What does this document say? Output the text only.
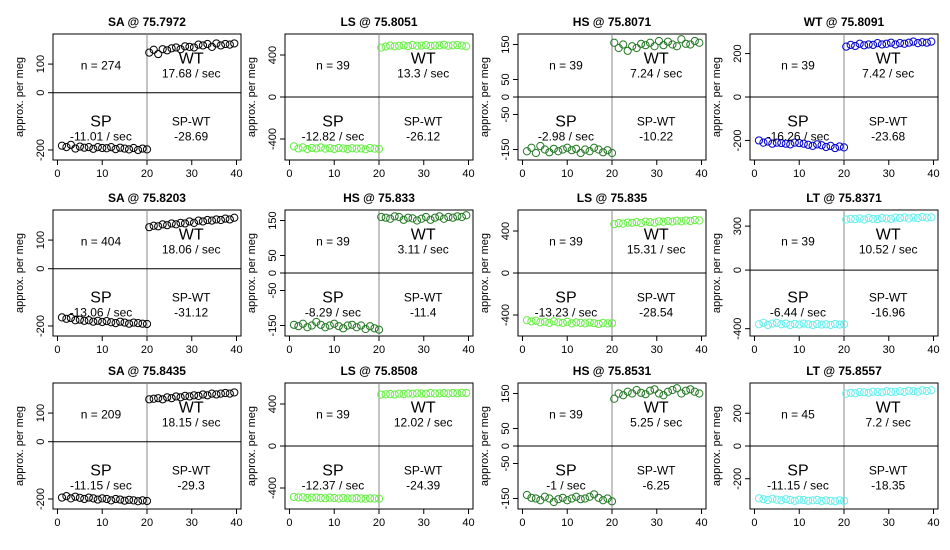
SA @ 75.7972
0	10	20	30	40
-200
0
100
approx. per meg	n = 274	WT
17.68 / sec
SP
-11.01 / sec
SP-WT
-28.69
LS @ 75.8051
0	10	20	30	40
-400
0
400
approx. per meg	n = 39	WT
13.3 / sec
SP
-12.82 / sec
SP-WT
-26.12
HS @ 75.8071
0	10	20	30	40
-150
-50
0
50
150
approx. per meg	n = 39	WT
7.24 / sec
SP
-2.98 / sec
SP-WT
-10.22
WT @ 75.8091
0	10	20	30	40
-200
0
200
approx. per meg	n = 39	WT
7.42 / sec
SP
-16.26 / sec
SP-WT
-23.68
SA @ 75.8203
0	10	20	30	40
-200
0
100
approx. per meg	n = 404	WT
18.06 / sec
SP
-13.06 / sec
SP-WT
-31.12
HS @ 75.833
0	10	20	30	40
-150
-50
0
50
150
approx. per meg	n = 39	WT
3.11 / sec
SP
-8.29 / sec
SP-WT
-11.4
LS @ 75.835
0	10	20	30	40
-400
0
400
approx. per meg	n = 39	WT
15.31 / sec
SP
-13.23 / sec
SP-WT
-28.54
LT @ 75.8371
0	10	20	30	40
-400
0
300
approx. per meg	n = 39	WT
10.52 / sec
SP
-6.44 / sec
SP-WT
-16.96
SA @ 75.8435
0	10	20	30	40
-200
0
100
approx. per meg	n = 209	WT
18.15 / sec
SP
-11.15 / sec
SP-WT
-29.3
LS @ 75.8508
0	10	20	30	40
-400
0
400
approx. per meg	n = 39	WT
12.02 / sec
SP
-12.37 / sec
SP-WT
-24.39
HS @ 75.8531
0	10	20	30	40
-150
-50
0
50
150
approx. per meg	n = 39	WT
5.25 / sec
SP
-1 / sec
SP-WT
-6.25
LT @ 75.8557
0	10	20	30	40
-200
0
200
approx. per meg	n = 45	WT
7.2 / sec
SP
-11.15 / sec
SP-WT
-18.35
